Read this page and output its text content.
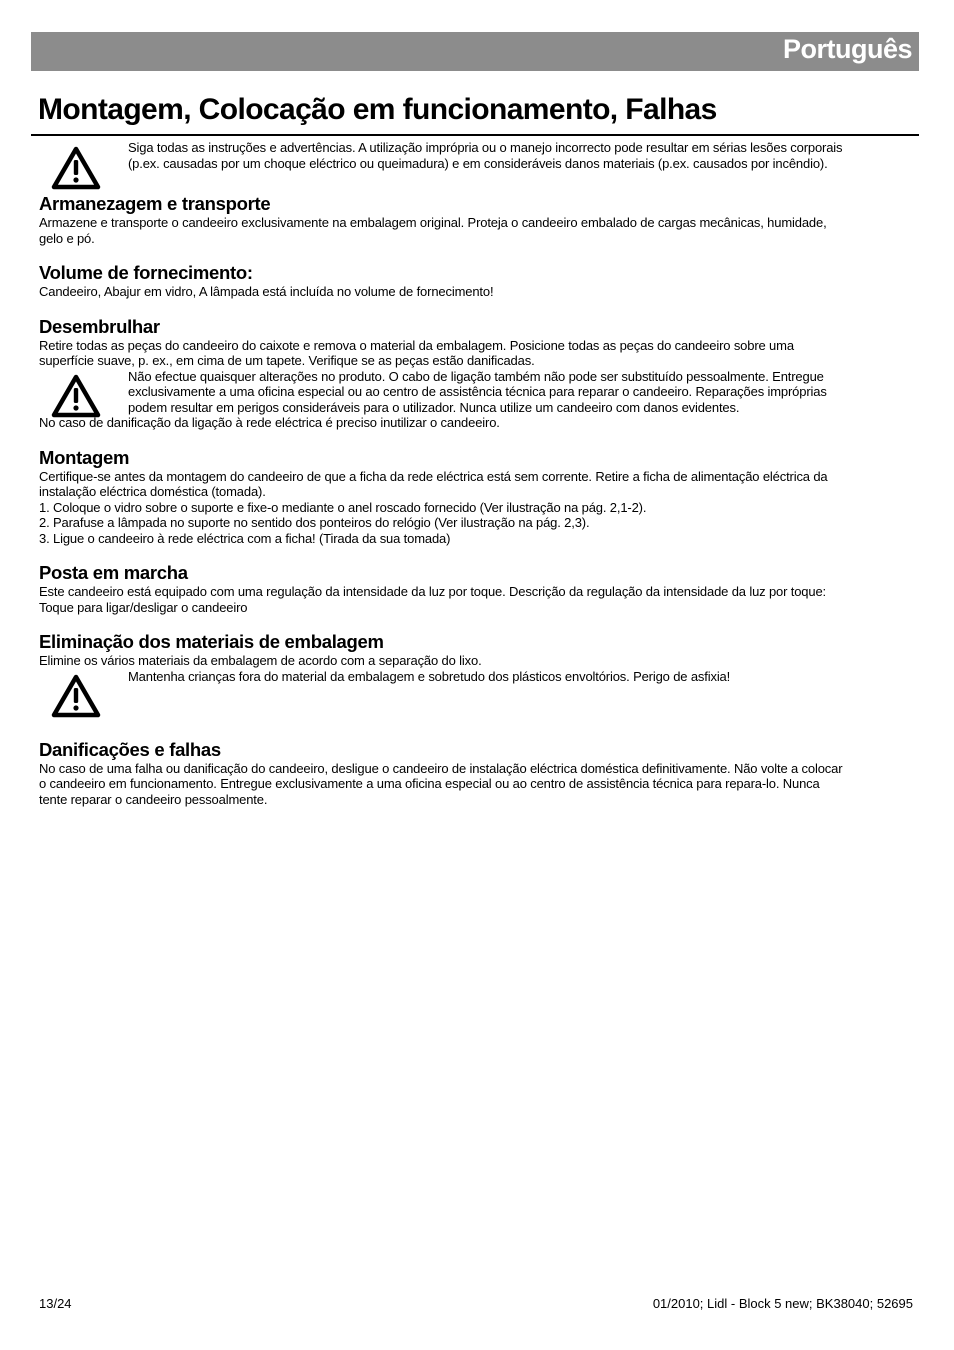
Português
Montagem, Colocação em funcionamento, Falhas

Siga todas as instruções e advertências. A utilização imprópria ou o manejo incorrecto pode resultar em sérias lesões corporais (p.ex. causadas por um choque eléctrico ou queimadura) e em consideráveis danos materiais (p.ex. causados por incêndio).

Armanezagem e transporte

Armazene e transporte o candeeiro exclusivamente na embalagem original. Proteja o candeeiro embalado de cargas mecânicas, humidade, gelo e pó.

Volume de fornecimento:

Candeeiro, Abajur em vidro, A lâmpada está incluída no volume de fornecimento!

Desembrulhar

Retire todas as peças do candeeiro do caixote e remova o material da embalagem. Posicione todas as peças do candeeiro sobre uma superfície suave, p. ex., em cima de um tapete. Verifique se as peças estão danificadas.

Não efectue quaisquer alterações no produto. O cabo de ligação também não pode ser substituído pessoalmente. Entregue exclusivamente a uma oficina especial ou ao centro de assistência técnica para reparar o candeeiro. Reparações impróprias podem resultar em perigos consideráveis para o utilizador. Nunca utilize um candeeiro com danos evidentes.

No caso de danificação da ligação à rede eléctrica é preciso inutilizar o candeeiro.

Montagem

Certifique-se antes da montagem do candeeiro de que a ficha da rede eléctrica está sem corrente. Retire a ficha de alimentação eléctrica da instalação eléctrica doméstica (tomada).

1. Coloque o vidro sobre o suporte e fixe-o mediante o anel roscado fornecido (Ver ilustração na pág. 2,1-2).

2. Parafuse a lâmpada no suporte no sentido dos ponteiros do relógio (Ver ilustração na pág. 2,3).

3. Ligue o candeeiro à rede eléctrica com a ficha! (Tirada da sua tomada)

Posta em marcha

Este candeeiro está equipado com uma regulação da intensidade da luz por toque. Descrição da regulação da intensidade da luz por toque: Toque para ligar/desligar o candeeiro

Eliminação dos materiais de embalagem

Elimine os vários materiais da embalagem de acordo com a separação do lixo.

Mantenha crianças fora do material da embalagem e sobretudo dos plásticos envoltórios. Perigo de asfixia!

Danificações e falhas

No caso de uma falha ou danificação do candeeiro, desligue o candeeiro de instalação eléctrica doméstica definitivamente. Não volte a colocar o candeeiro em funcionamento. Entregue exclusivamente a uma oficina especial ou ao centro de assistência técnica para repara-lo. Nunca tente reparar o candeeiro pessoalmente.

13/24	01/2010; Lidl - Block 5 new; BK38040; 52695
